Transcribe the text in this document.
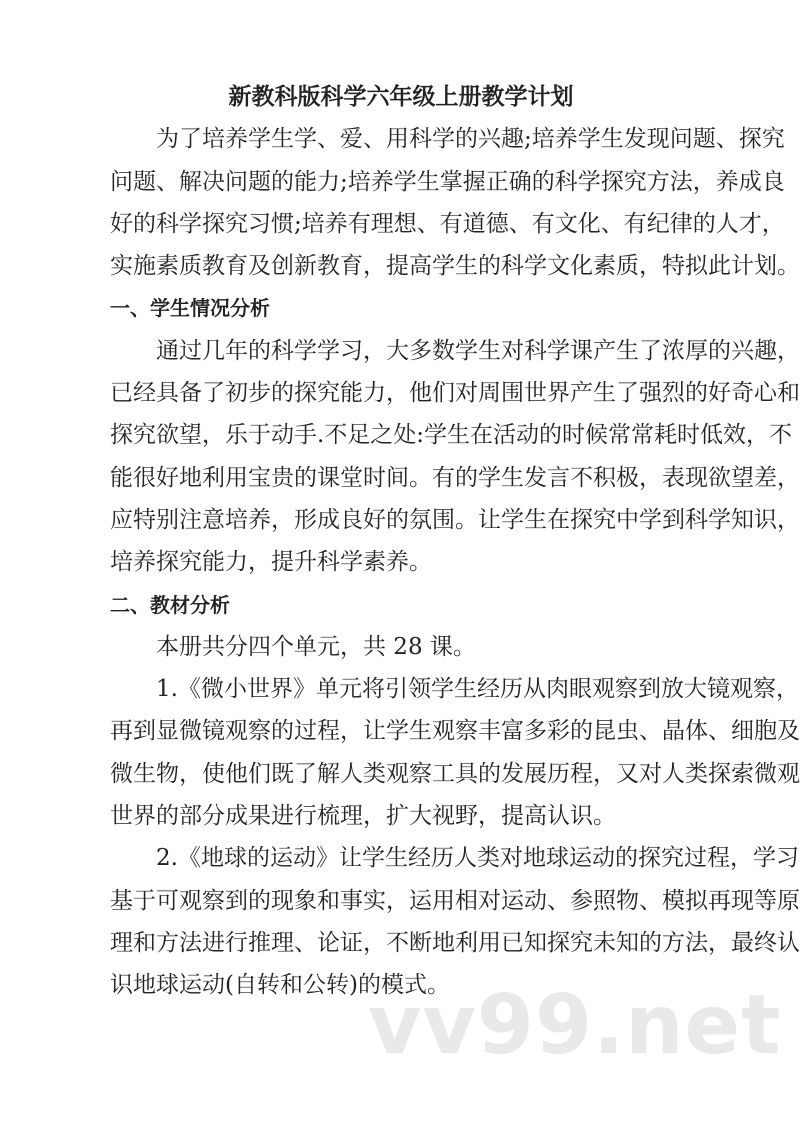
新教科版科学六年级上册教学计划
为了培养学生学、爱、用科学的兴趣;培养学生发现问题、探究
问题、解决问题的能力;培养学生掌握正确的科学探究方法，养成良
好的科学探究习惯;培养有理想、有道德、有文化、有纪律的人才，
实施素质教育及创新教育，提高学生的科学文化素质，特拟此计划。
一、学生情况分析
通过几年的科学学习，大多数学生对科学课产生了浓厚的兴趣，
已经具备了初步的探究能力，他们对周围世界产生了强烈的好奇心和
探究欲望，乐于动手.不足之处:学生在活动的时候常常耗时低效，不
能很好地利用宝贵的课堂时间。有的学生发言不积极，表现欲望差，
应特别注意培养，形成良好的氛围。让学生在探究中学到科学知识，
培养探究能力，提升科学素养。
二、教材分析
本册共分四个单元，共 28 课。
1.《微小世界》单元将引领学生经历从肉眼观察到放大镜观察，
再到显微镜观察的过程，让学生观察丰富多彩的昆虫、晶体、细胞及
微生物，使他们既了解人类观察工具的发展历程，又对人类探索微观
世界的部分成果进行梳理，扩大视野，提高认识。
2.《地球的运动》让学生经历人类对地球运动的探究过程，学习
基于可观察到的现象和事实，运用相对运动、参照物、模拟再现等原
理和方法进行推理、论证，不断地利用已知探究未知的方法，最终认
识地球运动(自转和公转)的模式。
vv99.net
